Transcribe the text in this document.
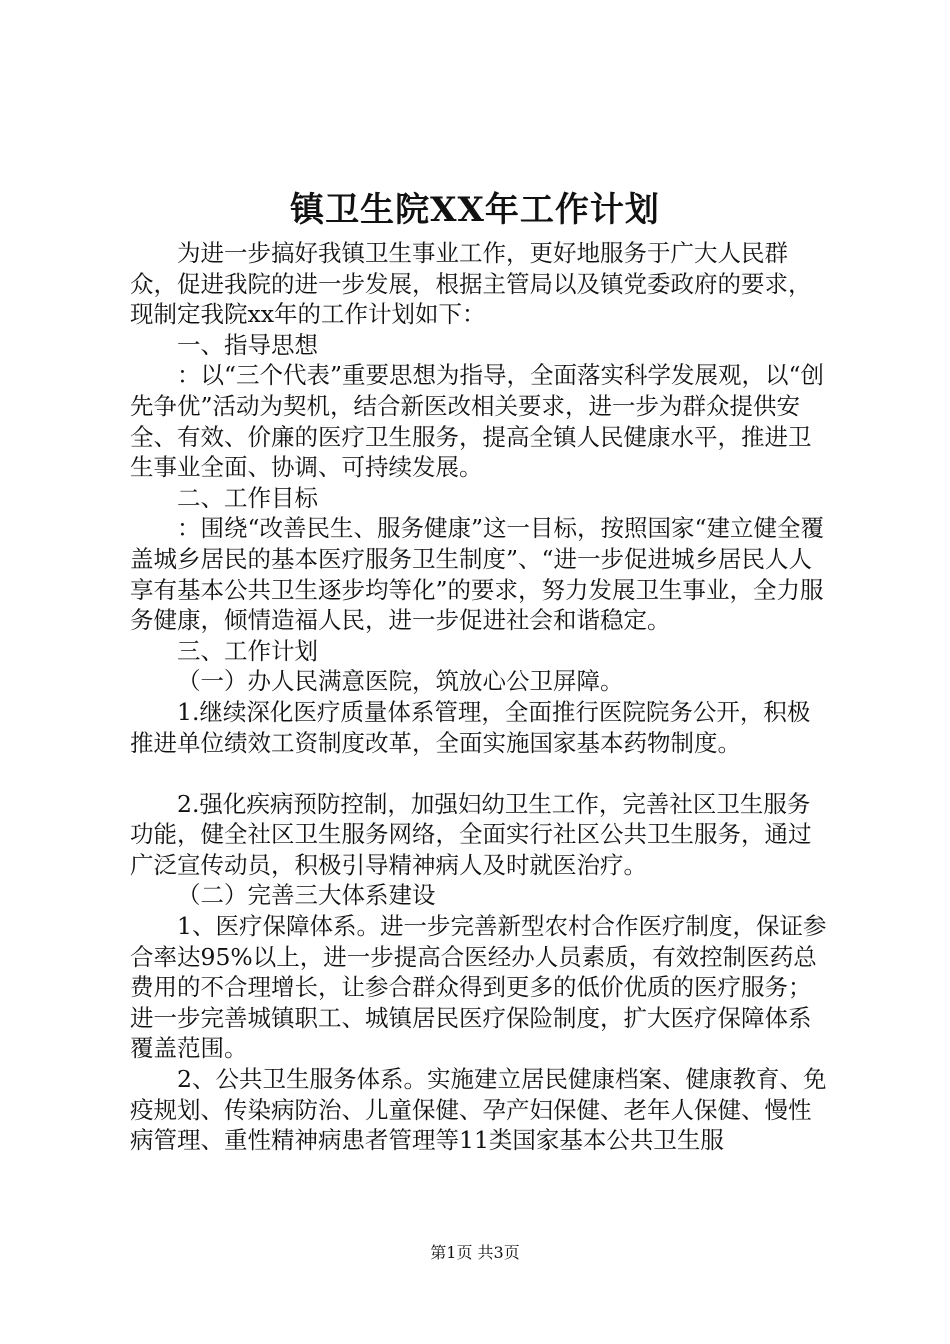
镇卫生院XX年工作计划

为进一步搞好我镇卫生事业工作，更好地服务于广大人民群众，促进我院的进一步发展，根据主管局以及镇党委政府的要求，现制定我院xx年的工作计划如下：

一、指导思想

：以“三个代表”重要思想为指导，全面落实科学发展观，以“创先争优”活动为契机，结合新医改相关要求，进一步为群众提供安全、有效、价廉的医疗卫生服务，提高全镇人民健康水平，推进卫生事业全面、协调、可持续发展。

二、工作目标

：围绕“改善民生、服务健康”这一目标，按照国家“建立健全覆盖城乡居民的基本医疗服务卫生制度”、“进一步促进城乡居民人人享有基本公共卫生逐步均等化”的要求，努力发展卫生事业，全力服务健康，倾情造福人民，进一步促进社会和谐稳定。

三、工作计划

（一）办人民满意医院，筑放心公卫屏障。

1.继续深化医疗质量体系管理，全面推行医院院务公开，积极推进单位绩效工资制度改革，全面实施国家基本药物制度。

2.强化疾病预防控制，加强妇幼卫生工作，完善社区卫生服务功能，健全社区卫生服务网络，全面实行社区公共卫生服务，通过广泛宣传动员，积极引导精神病人及时就医治疗。

（二）完善三大体系建设

1、医疗保障体系。进一步完善新型农村合作医疗制度，保证参合率达95%以上，进一步提高合医经办人员素质，有效控制医药总费用的不合理增长，让参合群众得到更多的低价优质的医疗服务；进一步完善城镇职工、城镇居民医疗保险制度，扩大医疗保障体系覆盖范围。

2、公共卫生服务体系。实施建立居民健康档案、健康教育、免疫规划、传染病防治、儿童保健、孕产妇保健、老年人保健、慢性病管理、重性精神病患者管理等11类国家基本公共卫生服

第1页 共3页
